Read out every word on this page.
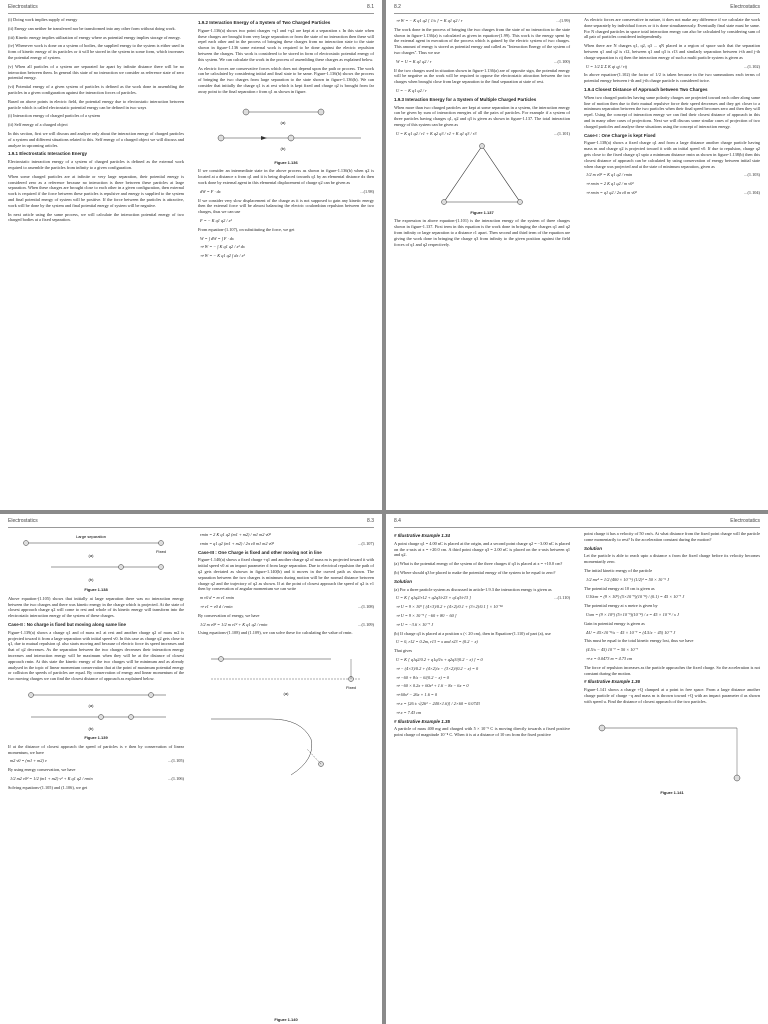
Electrostatics	8.1

(i) Doing work implies supply of energy

(ii) Energy can neither be transferred nor be transformed into any other form without doing work.

(iii) Kinetic energy implies utilization of energy where as potential energy implies storage of energy.

(iv) Whenever work is done on a system of bodies, the supplied energy to the system is either used in form of kinetic energy of its particles or it will be stored in the system in some form, which increases the potential energy of system.

(v) When all particles of a system are separated far apart by infinite distance there will be no interaction between them. In general this state of no interaction we consider as reference state of zero potential energy.

(vi) Potential energy of a given system of particles is defined as the work done in assembling the particles in a given configuration against the interaction forces of particles.

Based on above points in electric field, the potential energy due to electrostatic interaction between particle which is called electrostatic potential energy can be defined in two ways

(i) Interaction energy of charged particles of a system

(ii) Self energy of a charged object

In this section, first we will discuss and analyze only about the interaction energy of charged particles of a system and different situations related to this. Self energy of a charged object we will discuss and analyze in upcoming articles.

1.9.1 Electrostatic Interaction Energy

Electrostatic interaction energy of a system of charged particles is defined as the external work required to assemble the particles from infinity to a given configuration.

When some charged particles are at infinite or very large separation, their potential energy is considered zero as a reference because no interaction is there between these particles at large separation. When these charges are brought close to each other in a given configuration, then external work is required if the force between these particles is repulsive and energy is supplied to the system and final potential energy of system will be positive. If the force between the particles is attractive, work will be done by the system and final potential energy of system will be negative.

In next article using the same process, we will calculate the interaction potential energy of two charged bodies at a fixed separation.

1.9.2 Interaction Energy of a System of Two Charged Particles

Figure-1.136(a) shows two point charges +q1 and +q2 are kept at a separation r. In this state when these charges are brought from very large separation or from the state of no interaction then these will repel each other and in the process of bringing these charges from no interaction state to the state shown in figure-1.136 some external work is required to be done against the electric repulsion between the charges. This work is considered to be stored in form of electrostatic potential energy of this system. We can calculate the work in the process of assembling these charges as explained below.

As electric forces are conservative forces which does not depend upon the path or process. The work can be calculated by considering initial and final state to be same. Figure-1.136(b) shows the process of bringing the two charges from large separation to the state shown in figure-1.136(b). We can consider that initially the charge q1 is at rest which is kept fixed and charge q2 is brought from far away point to the final separation r from q1 as shown in figure.

(a)
(b)
Figure 1.136

If we consider an intermediate state in the above process as shown in figure-1.136(b) when q2 is located at a distance x from q1 and it is being displaced towards q1 by an elemental distance dx then work done by external agent in this elemental displacement of charge q2 can be given as

dW = F · dx	...(1.98)

If we consider very slow displacement of the charge as it is not supposed to gain any kinetic energy then the external force will be almost balancing the electric coulombian repulsion between the two charges, thus we can use

F = − K q1 q2 / x²

From equation-(1.107), on substituting the force, we get

W = ∫ dW = ∫ F · dx
⇒ W = − ∫ K q1 q2 / x² dx
⇒ W = − K q1 q2 ∫ dx / x²
8.2	Electrostatics
⇒ W = − K q1 q2 [ 1/x ] = K q1 q2 / r	...(1.99)

The work done in the process of bringing the two charges from the state of no interaction to the state shown in figure-1.136(a) is calculated as given in equation-(1.99). This work is the energy spent by the external agent in execution of the process which is gained by the electric system of two charges. This amount of energy is stored as potential energy and called as "Interaction Energy of the system of two charges". Thus we use

W = U = K q1 q2 / r	...(1.100)

If the two charges used in situation shown in figure-1.136(a) are of opposite sign, the potential energy will be negative as the work will be required to oppose the electrostatic attraction between the two charges when brought close from large separation to the final separation at state of rest.

U = − K q1 q2 / r
1.9.3 Interaction Energy for a System of Multiple Charged Particles

When more than two charged particles are kept at some separation in a system, the interaction energy can be given by sum of interaction energies of all the pairs of particles. For example if a system of three particles having charges q1, q2 and q3 is given as shown in figure-1.137. The total interaction energy of this system can be given as

U = K q1 q2 / r1 + K q2 q3 / r2 + K q1 q3 / r3	...(1.101)
Figure 1.137

The expression in above equation-(1.101) is the interaction energy of the system of three charges shown in figure-1.137. First term in this equation is the work done in bringing the charges q1 and q2 from infinity or large separation to a distance r1 apart. Then second and third term of the equation are giving the work done in bringing the charge q3 from infinity to the given position against the field forces of q1 and q2 respectively.

As electric forces are conservative in nature, it does not make any difference if we calculate the work done separately by individual forces or it is done simultaneously. Eventually final state must be same. For N charged particles in space total interaction energy can also be calculated by considering sum of all pair of particles considered independently.

When there are N charges q1, q2, q3 ... qN placed in a region of space such that the separation between q1 and q2 is r12, between q1 and q3 is r13 and similarly separation between i-th and j-th charge separation is rij then the interaction energy of such a multi particle system is given as

U = 1/2 Σ Σ K qi qj / rij	...(1.102)

In above equation-(1.102) the factor of 1/2 is taken because in the two summations each terms of potential energy between i-th and j-th charge particle is considered twice.

1.9.4 Closest Distance of Approach between Two Charges

When two charged particles having same polarity charges are projected toward each other along same line of motion then due to their mutual repulsive force their speed decreases and they get closer to a minimum separation between the two particles when their final speed becomes zero and then they will repel. Using the concept of interaction energy we can find their closest distance of approach in this and in many other cases of projections. Next we will discuss some similar cases of projection of two charged particles and analyse these situations using the concept of interaction energy.

Case-I : One Charge is kept Fixed

Figure-1.138(a) shows a fixed charge q1 and from a large distance another charge particle having mass m and charge q2 is projected toward it with an initial speed v0. If due to repulsion, charge q2 gets close to the fixed charge q1 upto a minimum distance rmin as shown in figure-1.138(b) then this closest distance of approach can be calculated by using conservation of energy between initial state when charge was projected and at the state of minimum separation, given as

1/2 m v0² = K q1 q2 / rmin	...(1.103)
⇒ rmin = 2 K q1 q2 / m v0²
⇒ rmin = q1 q2 / 2π ε0 m v0²	...(1.104)
Electrostatics	8.3
Large separation
Fixed
(a)
(b)
Figure 1.138

Above equation-(1.105) shows that initially at large separation there was no interaction energy between the two charges and there was kinetic energy in the charge which is projected. At the state of closest approach charge q2 will come to rest and whole of its kinetic energy will transform into the electrostatic interaction energy of the system of these charges.

Case-II : No charge is fixed but moving along same line

Figure-1.139(a) shows a charge q1 and of mass m1 at rest and another charge q2 of mass m2 is projected toward it from a large separation with initial speed v0. In this case as charge q2 gets close to q1, due to mutual repulsion q1 also starts moving and because of electric force its speed increases and that of q2 decreases. As the separation between the two charges decreases their interaction energy increases and interaction energy will be maximum when they will be at the distance of closest approach rmin. At this state the kinetic energy of the two charges will be minimum and as already analysed in the topic of linear momentum conservation that at the point of maximum potential energy or collision the speeds of particles are equal. By conservation of energy and linear momentum of the two moving charges we can find the closest distance of approach as explained below.

(a)
(b)
Figure 1.139

If at the distance of closest approach the speed of particles is v then by conservation of linear momentum, we have

m2 v0 = (m1 + m2) v	...(1.105)

By using energy conservation, we have

1/2 m2 v0² = 1/2 (m1 + m2) v² + K q1 q2 / rmin	...(1.106)

Solving equations-(1.105) and (1.106), we get

rmin = 2 K q1 q2 (m1 + m2) / m1 m2 v0²
rmin = q1 q2 (m1 + m2) / 2π ε0 m1 m2 v0²	...(1.107)
Case-III : One Charge is fixed and other moving not in line

Figure-1.140(a) shows a fixed charge +q1 and another charge q2 of mass m is projected toward it with initial speed v0 at an impact parameter d from large separation. Due to electrical repulsion the path of q2 gets deviated as shown in figure-1.140(b) and it moves in the curved path as shown. The separation between the two charges is minimum during motion will be the normal distance between charge q2 and the trajectory of q2 as shown. If at the point of closest approach the speed of q2 is v1 then by conservation of angular momentum we can write

m v0 d = m v1 rmin
⇒ v1 = v0 d / rmin	...(1.108)

By conservation of energy, we have

1/2 m v0² = 1/2 m v1² + K q1 q2 / rmin	...(1.109)

Using equations-(1.108) and (1.109), we can solve these for calculating the value of rmin.

Fixed
(a)
Figure 1.140
8.4	Electrostatics
# Illustrative Example 1.34

A point charge q1 = 4.00 nC is placed at the origin, and a second point charge q2 = −3.00 nC is placed on the x-axis at x = +20.0 cm. A third point charge q3 = 2.00 nC is placed on the x-axis between q1 and q2.

(a) What is the potential energy of the system of the three charges if q3 is placed at x = +10.0 cm?

(b) Where should q3 be placed to make the potential energy of the system to be equal to zero?

Solution

(a) For a three particle system as discussed in article-1.9.3 the interaction energy is given as

U = K [ q1q2/r12 + q2q3/r23 + q1q3/r13 ]	...(1.110)
⇒ U = 9 × 10⁹ [ (4×3)/0.2 + (4×2)/0.1 + (3×2)/0.1 ] × 10⁻¹⁸
⇒ U = 9 × 10⁻⁹ [ −60 + 80 − 60 ]
⇒ U = −3.6 × 10⁻⁷ J

(b) If charge q3 is placed at a position x (< 20 cm), then in Equation-(1.110) of part (a), use

U = 0, r12 = 0.2m, r13 = x and r23 = (0.2 − x)

That gives

U = K [ q1q2/0.2 + q1q3/x + q2q3/(0.2 − x) ] = 0
⇒ − (4×3)/0.2 + (4×2)/x − (3×2)/(0.2 − x) = 0
⇒ −60 + 8/x − 6/(0.2 − x) = 0
⇒ −60 × 0.2x + 60x² + 1.6 − 8x − 6x = 0
⇒ 60x² − 26x + 1.6 = 0
⇒ x = [26 ± √(26² − 240×1.6)] / 2×60 = 0.0743
⇒ x = 7.43 cm
# Illustrative Example 1.35

A particle of mass 400 mg and charged with 5 × 10⁻⁹ C is moving directly towards a fixed positive point charge of magnitude 10⁻⁸ C. When it is at a distance of 10 cm from the fixed positive

point charge it has a velocity of 50 cm/s. At what distance from the fixed point charge will the particle come momentarily to rest? Is the acceleration constant during the motion?

Solution

Let the particle is able to reach upto a distance x from the fixed charge before its velocity becomes momentarily zero.

The initial kinetic energy of the particle

1/2 mv² = 1/2 (400 × 10⁻⁶) (1/2)² = 50 × 10⁻⁶ J

The potential energy at 10 cm is given as

U10cm = (9 × 10⁹) (5×10⁻⁹)(10⁻⁸) / (0.1) = 45 × 10⁻⁷ J

The potential energy at x metre is given by

Uxm = (9 × 10⁹) (5×10⁻⁹)(10⁻⁸) / x = 45 × 10⁻⁸ / x J

Gain in potential energy is given as

ΔU = 45×10⁻⁸/x − 45 × 10⁻⁷ = (4.5/x − 45) 10⁻⁷ J

This must be equal to the total kinetic energy lost, thus we have

(4.5/x − 45) 10⁻⁷ = 50 × 10⁻⁷
⇒ x = 0.0473 m = 4.73 cm

The force of repulsion increases as the particle approaches the fixed charge. So the acceleration is not constant during the motion.

# Illustrative Example 1.36

Figure-1.141 shows a charge +Q clamped at a point in free space. From a large distance another charge particle of charge −q and mass m is thrown toward +Q with an impact parameter d as shown with speed u. Find the distance of closest approach of the two particles.

Figure 1.141
